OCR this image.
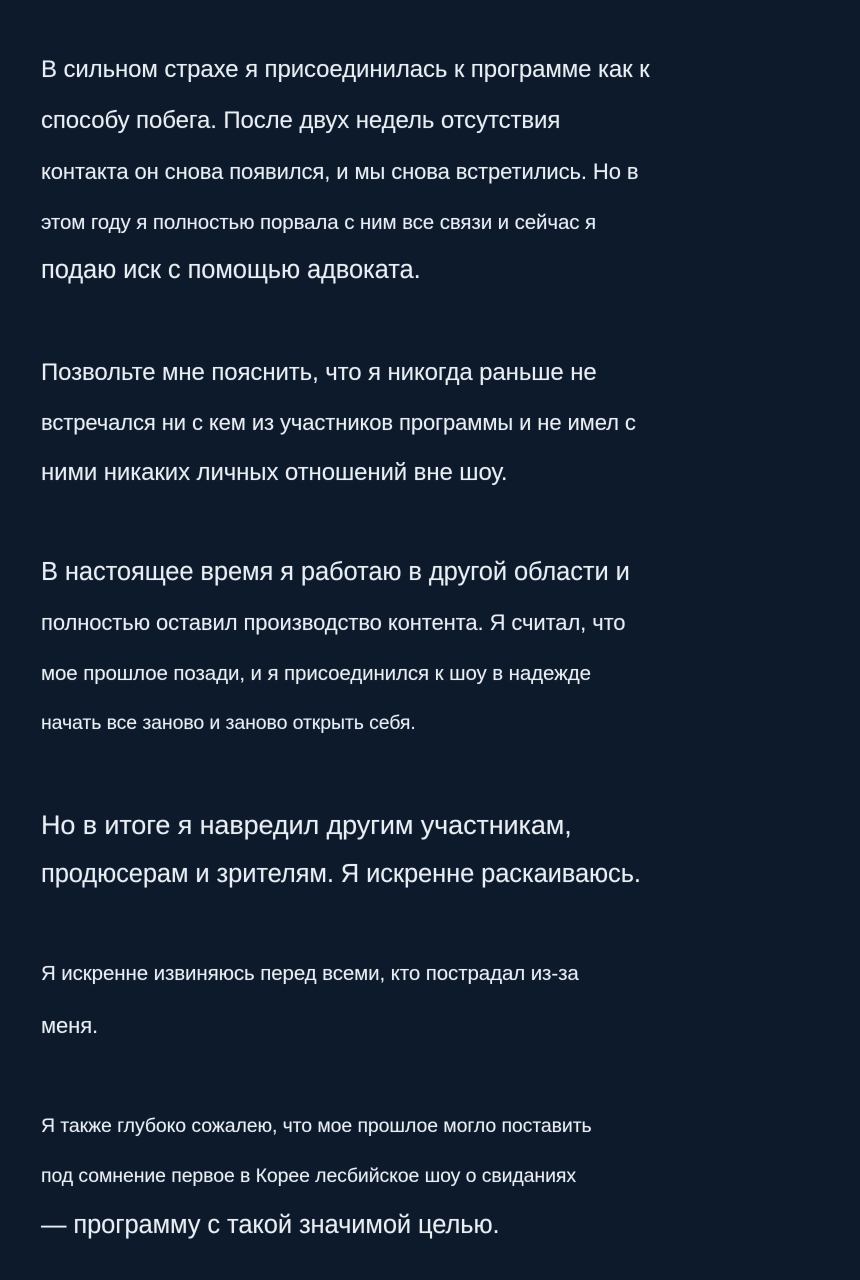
В сильном страхе я присоединилась к программе как к

способу побега. После двух недель отсутствия

контакта он снова появился, и мы снова встретились. Но в

этом году я полностью порвала с ним все связи и сейчас я

подаю иск с помощью адвоката.

Позвольте мне пояснить, что я никогда раньше не

встречался ни с кем из участников программы и не имел с

ними никаких личных отношений вне шоу.

В настоящее время я работаю в другой области и

полностью оставил производство контента. Я считал, что

мое прошлое позади, и я присоединился к шоу в надежде

начать все заново и заново открыть себя.

Но в итоге я навредил другим участникам,

продюсерам и зрителям. Я искренне раскаиваюсь.

Я искренне извиняюсь перед всеми, кто пострадал из-за

меня.

Я также глубоко сожалею, что мое прошлое могло поставить

под сомнение первое в Корее лесбийское шоу о свиданиях

— программу с такой значимой целью.
